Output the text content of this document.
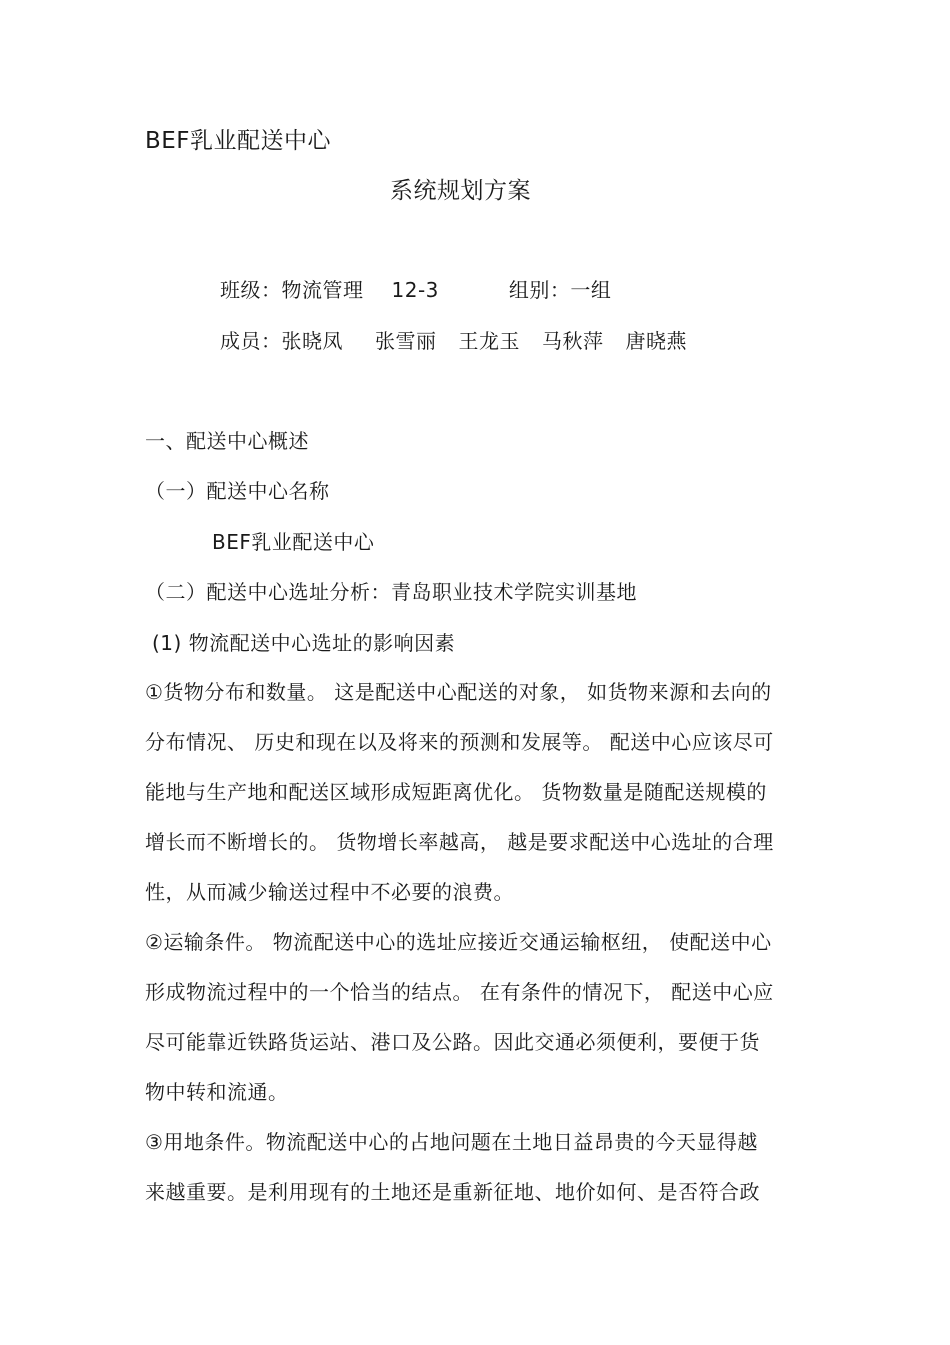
BEF乳业配送中心
系统规划方案
班级：物流管理 12-3	组别：一组
成员：张晓凤 张雪丽 王龙玉 马秋萍 唐晓燕
一、配送中心概述
（一）配送中心名称
BEF乳业配送中心
（二）配送中心选址分析：青岛职业技术学院实训基地
(1) 物流配送中心选址的影响因素
①货物分布和数量。 这是配送中心配送的对象， 如货物来源和去向的
分布情况、 历史和现在以及将来的预测和发展等。 配送中心应该尽可
能地与生产地和配送区域形成短距离优化。 货物数量是随配送规模的
增长而不断增长的。 货物增长率越高， 越是要求配送中心选址的合理
性，从而减少输送过程中不必要的浪费。
②运输条件。 物流配送中心的选址应接近交通运输枢纽， 使配送中心
形成物流过程中的一个恰当的结点。 在有条件的情况下， 配送中心应
尽可能靠近铁路货运站、港口及公路。因此交通必须便利，要便于货
物中转和流通。
③用地条件。物流配送中心的占地问题在土地日益昂贵的今天显得越
来越重要。是利用现有的土地还是重新征地、地价如何、是否符合政
